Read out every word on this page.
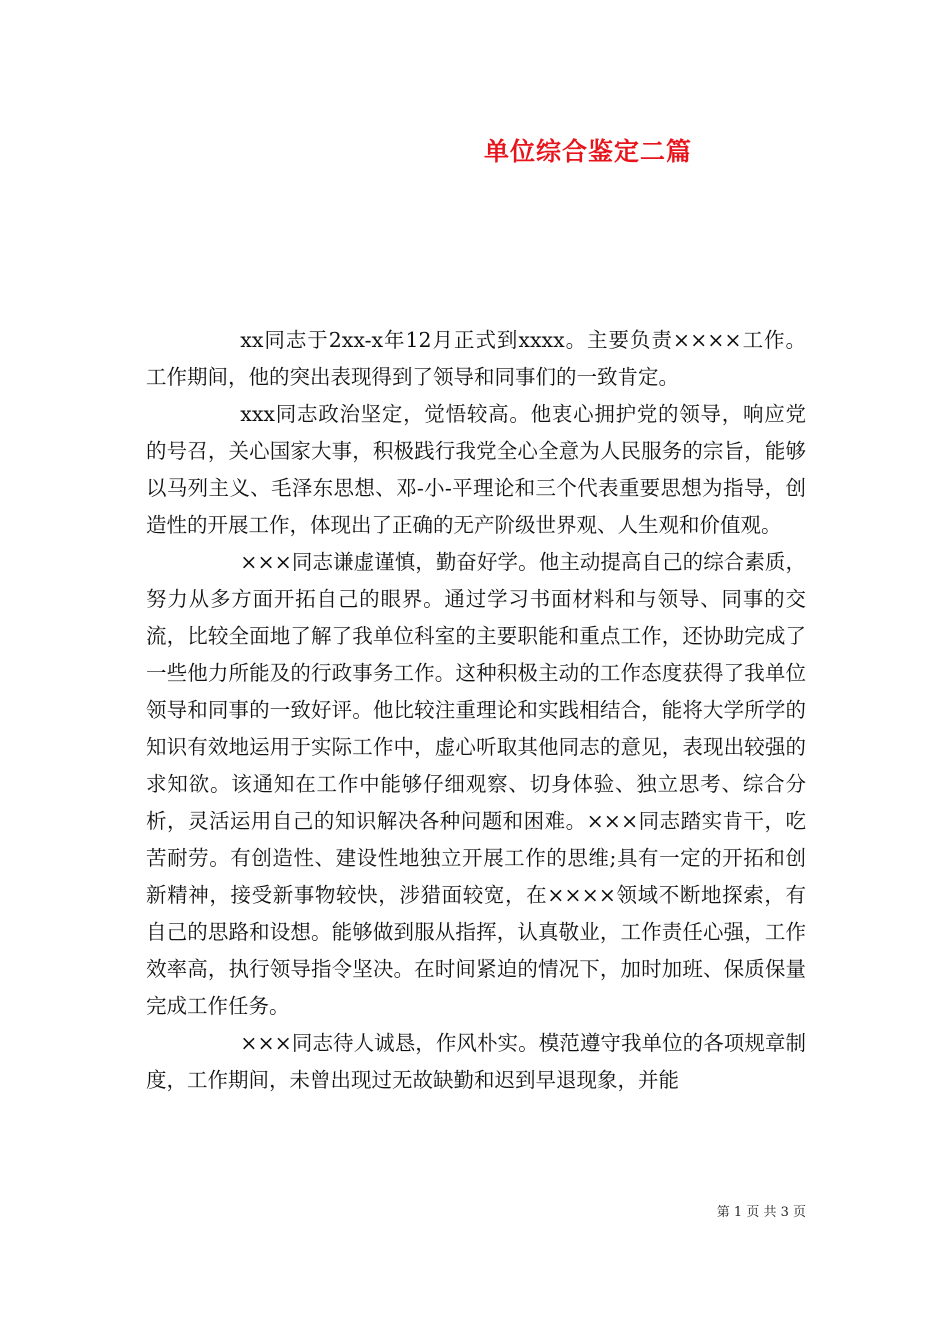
单位综合鉴定二篇

xx同志于2xx-x年12月正式到xxxx。主要负责××××工作。工作期间，他的突出表现得到了领导和同事们的一致肯定。

xxx同志政治坚定，觉悟较高。他衷心拥护党的领导，响应党的号召，关心国家大事，积极践行我党全心全意为人民服务的宗旨，能够以马列主义、毛泽东思想、邓-小-平理论和三个代表重要思想为指导，创造性的开展工作，体现出了正确的无产阶级世界观、人生观和价值观。

×××同志谦虚谨慎，勤奋好学。他主动提高自己的综合素质，努力从多方面开拓自己的眼界。通过学习书面材料和与领导、同事的交流，比较全面地了解了我单位科室的主要职能和重点工作，还协助完成了一些他力所能及的行政事务工作。这种积极主动的工作态度获得了我单位领导和同事的一致好评。他比较注重理论和实践相结合，能将大学所学的知识有效地运用于实际工作中，虚心听取其他同志的意见，表现出较强的求知欲。该通知在工作中能够仔细观察、切身体验、独立思考、综合分析，灵活运用自己的知识解决各种问题和困难。×××同志踏实肯干，吃苦耐劳。有创造性、建设性地独立开展工作的思维;具有一定的开拓和创新精神，接受新事物较快，涉猎面较宽，在××××领域不断地探索，有自己的思路和设想。能够做到服从指挥，认真敬业，工作责任心强，工作效率高，执行领导指令坚决。在时间紧迫的情况下，加时加班、保质保量完成工作任务。

×××同志待人诚恳，作风朴实。模范遵守我单位的各项规章制度，工作期间，未曾出现过无故缺勤和迟到早退现象，并能

第 1 页 共 3 页
